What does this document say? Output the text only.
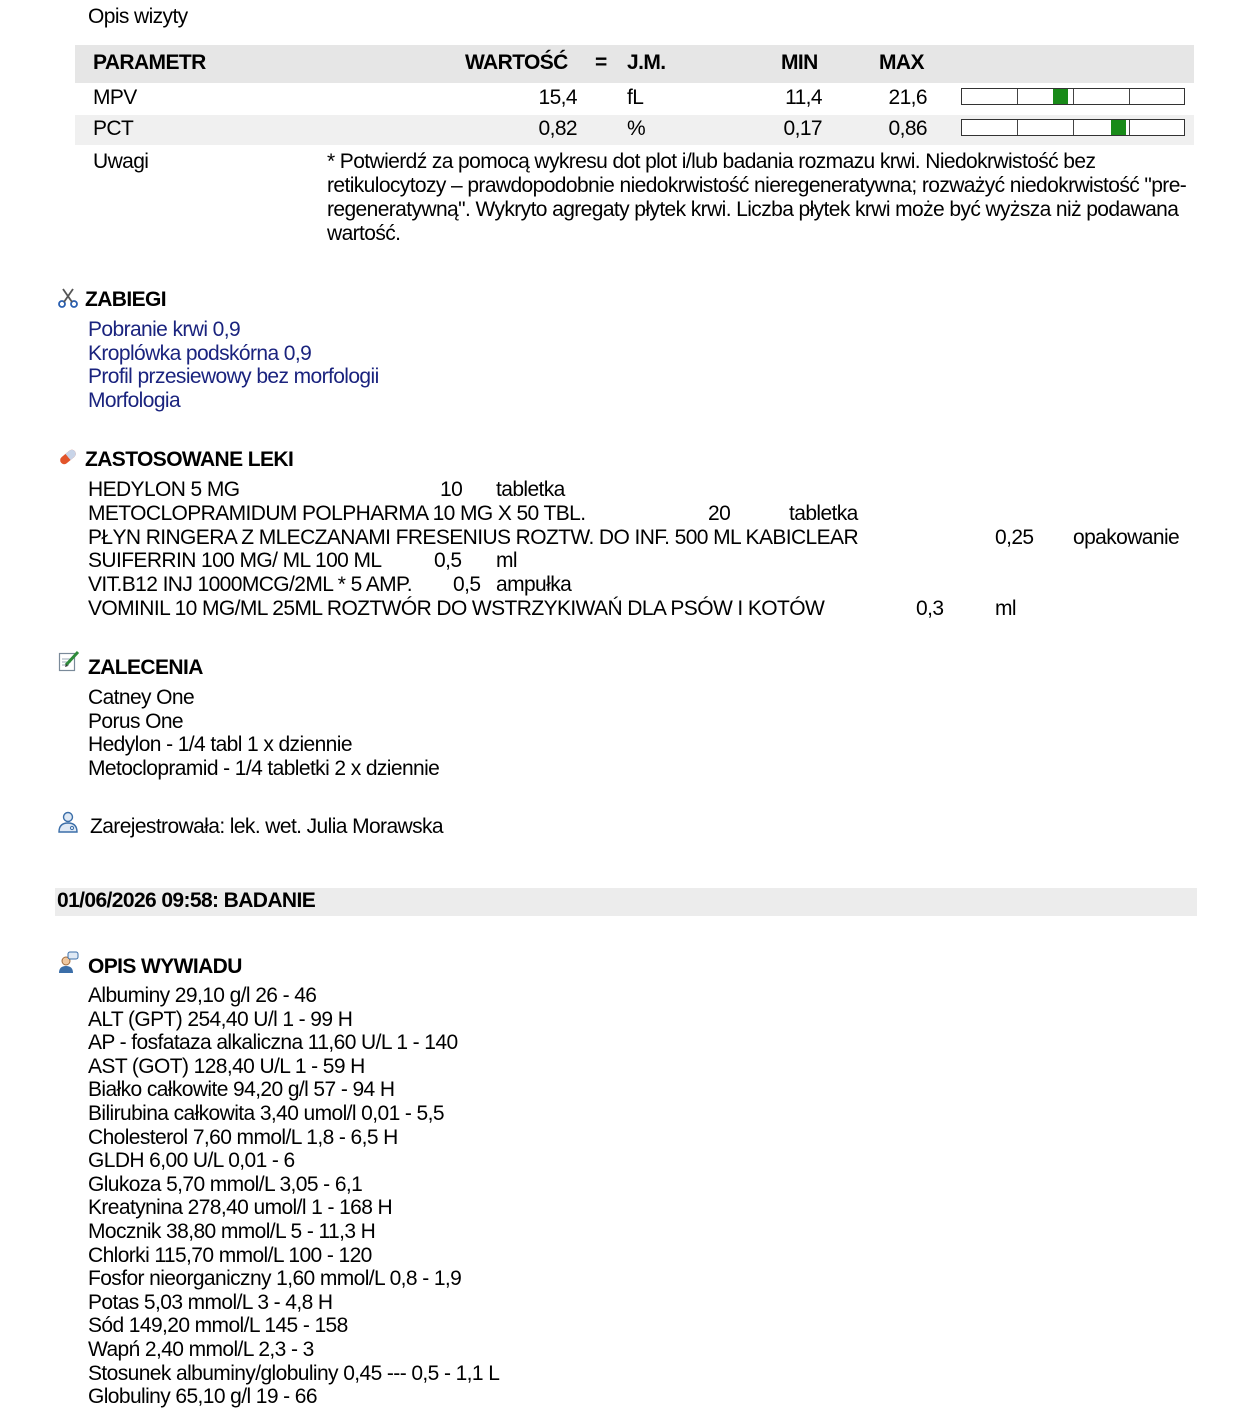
Opis wizyty
PARAMETR	WARTOŚĆ = J.M.	MIN	MAX
MPV	15,4 fL	11,4	21,6
PCT	0,82 %	0,17	0,86
Uwagi	* Potwierdź za pomocą wykresu dot plot i/lub badania rozmazu krwi. Niedokrwistość bez retikulocytozy – prawdopodobnie niedokrwistość nieregeneratywna; rozważyć niedokrwistość "pre-regeneratywną". Wykryto agregaty płytek krwi. Liczba płytek krwi może być wyższa niż podawana wartość.
ZABIEGI
Pobranie krwi 0,9
Kroplówka podskórna 0,9
Profil przesiewowy bez morfologii
Morfologia
ZASTOSOWANE LEKI
HEDYLON 5 MG	10 tabletka
METOCLOPRAMIDUM POLPHARMA 10 MG X 50 TBL.	20	tabletka
PŁYN RINGERA Z MLECZANAMI FRESENIUS ROZTW. DO INF. 500 ML KABICLEAR	0,25 opakowanie
SUIFERRIN 100 MG/ ML 100 ML	0,5 ml
VIT.B12 INJ 1000MCG/2ML * 5 AMP. 0,5 ampułka
VOMINIL 10 MG/ML 25ML ROZTWÓR DO WSTRZYKIWAŃ DLA PSÓW I KOTÓW	0,3 ml
ZALECENIA
Catney One
Porus One
Hedylon - 1/4 tabl 1 x dziennie
Metoclopramid - 1/4 tabletki 2 x dziennie
Zarejestrowała: lek. wet. Julia Morawska
01/06/2026 09:58: BADANIE
OPIS WYWIADU
Albuminy 29,10 g/l 26 - 46
ALT (GPT) 254,40 U/l 1 - 99 H
AP - fosfataza alkaliczna 11,60 U/L 1 - 140
AST (GOT) 128,40 U/L 1 - 59 H
Białko całkowite 94,20 g/l 57 - 94 H
Bilirubina całkowita 3,40 umol/l 0,01 - 5,5
Cholesterol 7,60 mmol/L 1,8 - 6,5 H
GLDH 6,00 U/L 0,01 - 6
Glukoza 5,70 mmol/L 3,05 - 6,1
Kreatynina 278,40 umol/l 1 - 168 H
Mocznik 38,80 mmol/L 5 - 11,3 H
Chlorki 115,70 mmol/L 100 - 120
Fosfor nieorganiczny 1,60 mmol/L 0,8 - 1,9
Potas 5,03 mmol/L 3 - 4,8 H
Sód 149,20 mmol/L 145 - 158
Wapń 2,40 mmol/L 2,3 - 3
Stosunek albuminy/globuliny 0,45 --- 0,5 - 1,1 L
Globuliny 65,10 g/l 19 - 66
